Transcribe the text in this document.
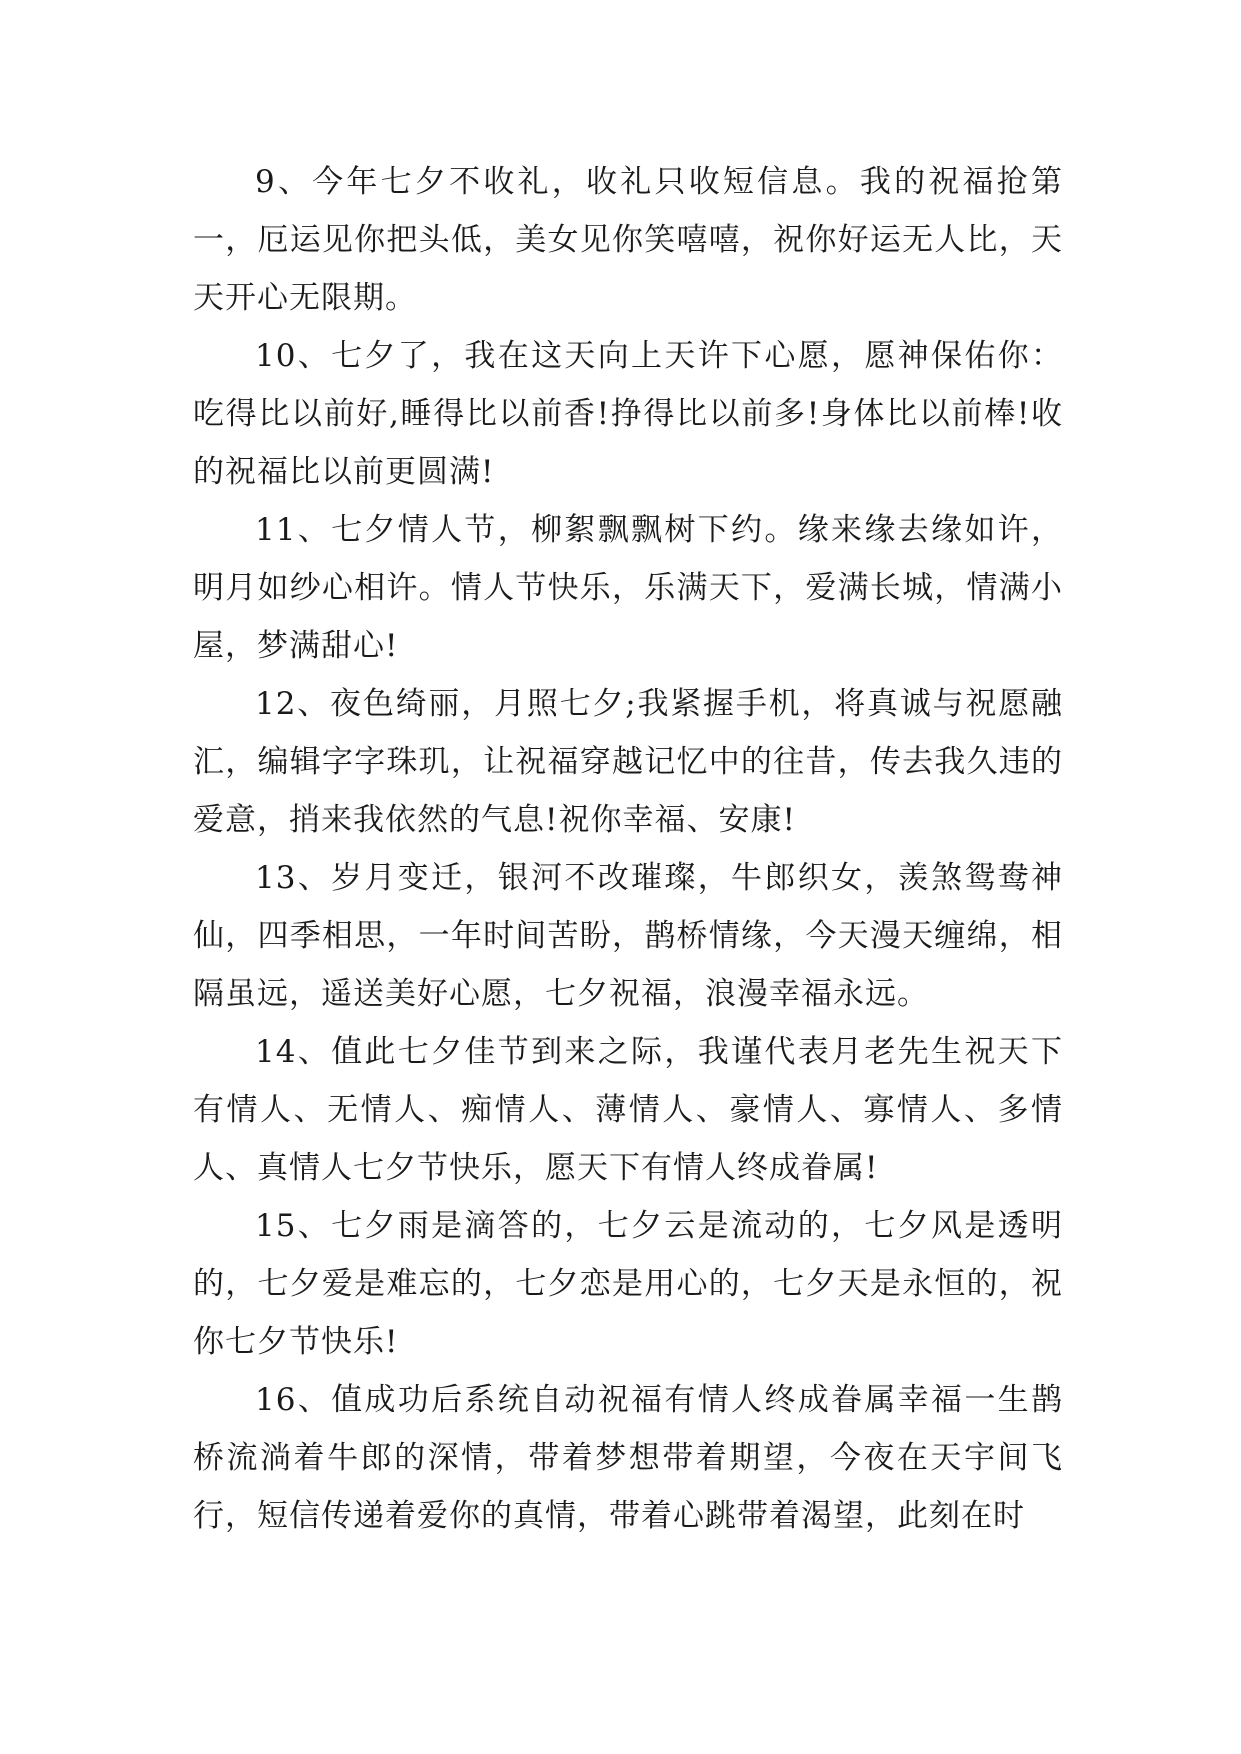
9、今年七夕不收礼，收礼只收短信息。我的祝福抢第一，厄运见你把头低，美女见你笑嘻嘻，祝你好运无人比，天天开心无限期。

10、七夕了，我在这天向上天许下心愿，愿神保佑你：吃得比以前好,睡得比以前香!挣得比以前多!身体比以前棒!收的祝福比以前更圆满!

11、七夕情人节，柳絮飘飘树下约。缘来缘去缘如许，明月如纱心相许。情人节快乐，乐满天下，爱满长城，情满小屋，梦满甜心!

12、夜色绮丽，月照七夕;我紧握手机，将真诚与祝愿融汇，编辑字字珠玑，让祝福穿越记忆中的往昔，传去我久违的爱意，捎来我依然的气息!祝你幸福、安康!

13、岁月变迁，银河不改璀璨，牛郎织女，羡煞鸳鸯神仙，四季相思，一年时间苦盼，鹊桥情缘，今天漫天缠绵，相隔虽远，遥送美好心愿，七夕祝福，浪漫幸福永远。

14、值此七夕佳节到来之际，我谨代表月老先生祝天下有情人、无情人、痴情人、薄情人、豪情人、寡情人、多情人、真情人七夕节快乐，愿天下有情人终成眷属!

15、七夕雨是滴答的，七夕云是流动的，七夕风是透明的，七夕爱是难忘的，七夕恋是用心的，七夕天是永恒的，祝你七夕节快乐!

16、值成功后系统自动祝福有情人终成眷属幸福一生鹊桥流淌着牛郎的深情，带着梦想带着期望，今夜在天宇间飞行，短信传递着爱你的真情，带着心跳带着渴望，此刻在时
